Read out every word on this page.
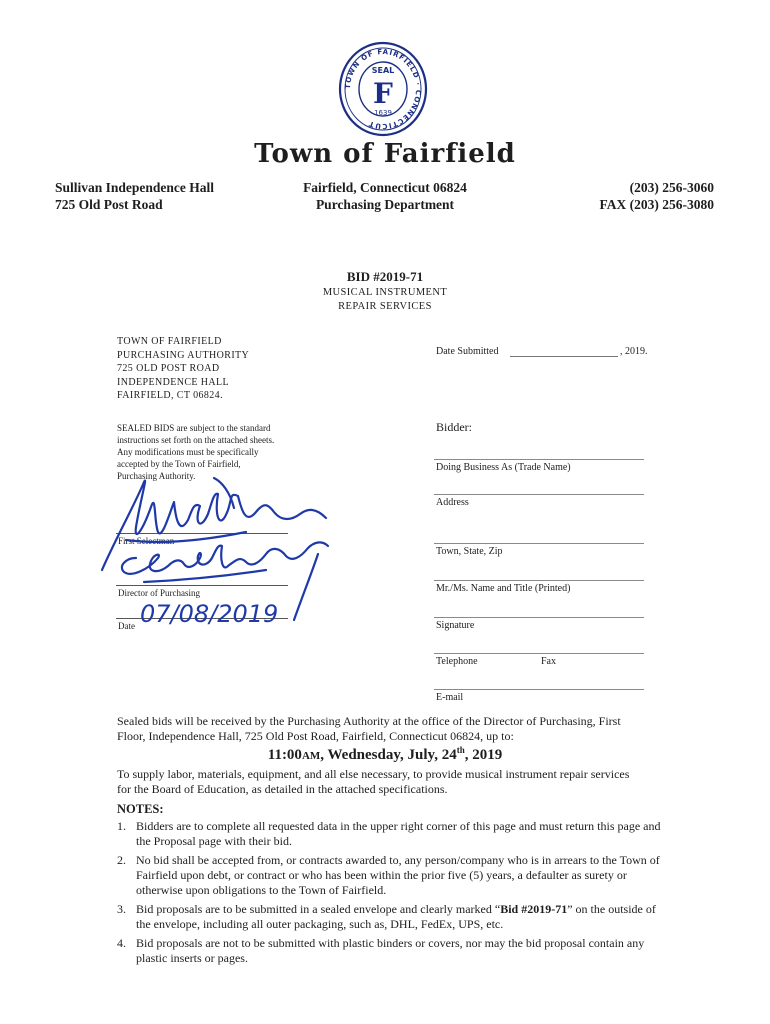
TOWN OF FAIRFIELD · CONNECTICUT
SEAL
F
1639
Town of Fairfield
Sullivan Independence Hall
725 Old Post Road
Fairfield, Connecticut 06824
Purchasing Department
(203) 256-3060
FAX (203) 256-3080
BID #2019-71
MUSICAL INSTRUMENT
REPAIR SERVICES
TOWN OF FAIRFIELD
PURCHASING AUTHORITY
725 OLD POST ROAD
INDEPENDENCE HALL
FAIRFIELD, CT 06824.
SEALED BIDS are subject to the standard
instructions set forth on the attached sheets.
Any modifications must be specifically
accepted by the Town of Fairfield,
Purchasing Authority.
First Selectman
Director of Purchasing
Date 07/08/2019
Date Submitted	, 2019.
Bidder:
Doing Business As (Trade Name)
Address
Town, State, Zip
Mr./Ms. Name and Title (Printed)
Signature
Telephone	Fax
E-mail
Sealed bids will be received by the Purchasing Authority at the office of the Director of Purchasing, First
Floor, Independence Hall, 725 Old Post Road, Fairfield, Connecticut 06824, up to:
11:00AM, Wednesday, July, 24th, 2019
To supply labor, materials, equipment, and all else necessary, to provide musical instrument repair services
for the Board of Education, as detailed in the attached specifications.
NOTES:
1. Bidders are to complete all requested data in the upper right corner of this page and must return this page and the Proposal page with their bid.
2. No bid shall be accepted from, or contracts awarded to, any person/company who is in arrears to the Town of Fairfield upon debt, or contract or who has been within the prior five (5) years, a defaulter as surety or otherwise upon obligations to the Town of Fairfield.
3. Bid proposals are to be submitted in a sealed envelope and clearly marked “Bid #2019-71” on the outside of the envelope, including all outer packaging, such as, DHL, FedEx, UPS, etc.
4. Bid proposals are not to be submitted with plastic binders or covers, nor may the bid proposal contain any plastic inserts or pages.
